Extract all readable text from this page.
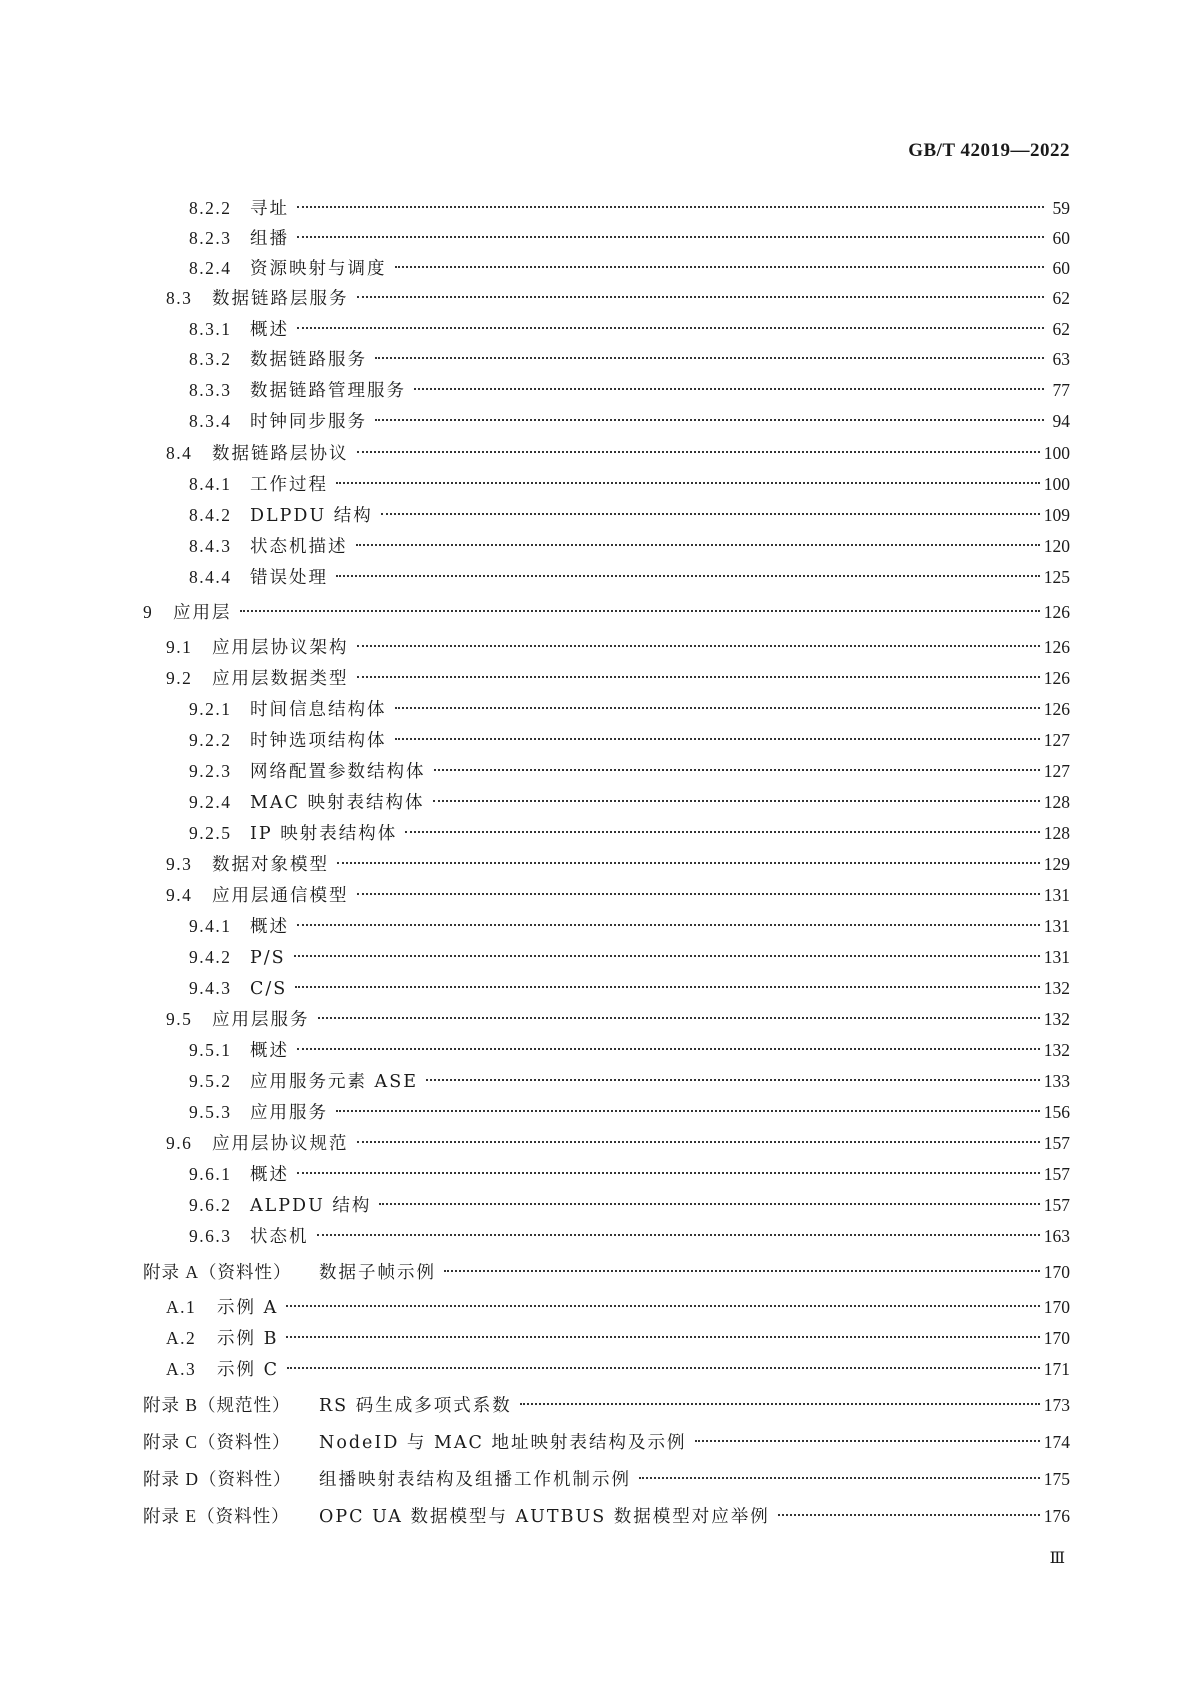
GB/T 42019—2022
8.2.2 寻址	59
8.2.3 组播	60
8.2.4 资源映射与调度	60
8.3 数据链路层服务	62
8.3.1 概述	62
8.3.2 数据链路服务	63
8.3.3 数据链路管理服务	77
8.3.4 时钟同步服务	94
8.4 数据链路层协议	100
8.4.1 工作过程	100
8.4.2 DLPDU 结构	109
8.4.3 状态机描述	120
8.4.4 错误处理	125
9 应用层	126
9.1 应用层协议架构	126
9.2 应用层数据类型	126
9.2.1 时间信息结构体	126
9.2.2 时钟选项结构体	127
9.2.3 网络配置参数结构体	127
9.2.4 MAC 映射表结构体	128
9.2.5 IP 映射表结构体	128
9.3 数据对象模型	129
9.4 应用层通信模型	131
9.4.1 概述	131
9.4.2 P/S	131
9.4.3 C/S	132
9.5 应用层服务	132
9.5.1 概述	132
9.5.2 应用服务元素 ASE	133
9.5.3 应用服务	156
9.6 应用层协议规范	157
9.6.1 概述	157
9.6.2 ALPDU 结构	157
9.6.3 状态机	163
附录 A（资料性） 数据子帧示例	170
A.1 示例 A	170
A.2 示例 B	170
A.3 示例 C	171
附录 B（规范性） RS 码生成多项式系数	173
附录 C（资料性） NodeID 与 MAC 地址映射表结构及示例	174
附录 D（资料性） 组播映射表结构及组播工作机制示例	175
附录 E（资料性） OPC UA 数据模型与 AUTBUS 数据模型对应举例	176
Ⅲ
